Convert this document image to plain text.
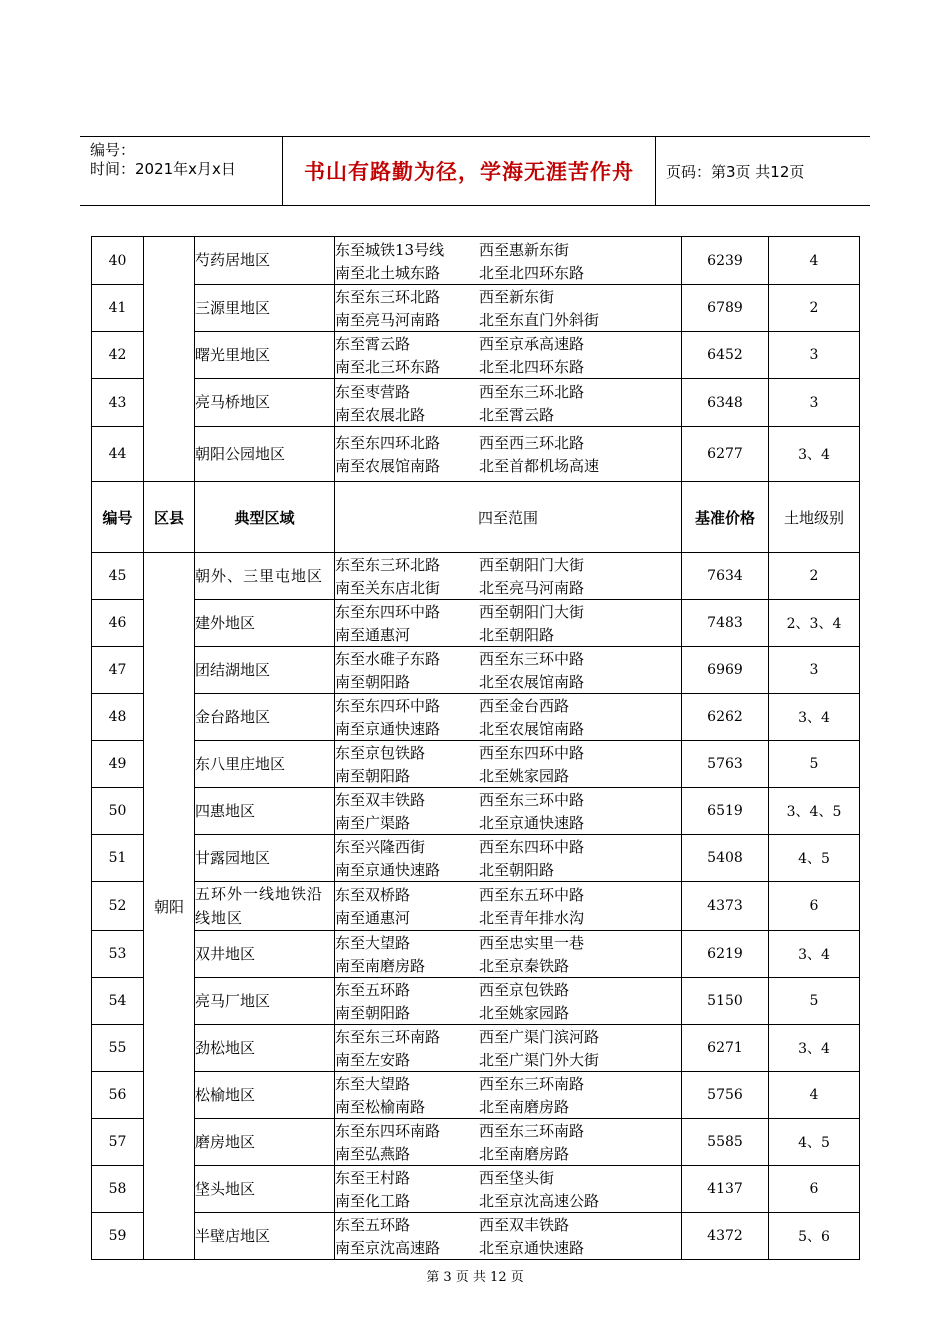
编号：
时间：2021年x月x日	书山有路勤为径，学海无涯苦作舟	页码：第3页 共12页
40		芍药居地区	东至城铁13号线 西至惠新东街
南至北土城东路 北至北四环东路	6239	4
41		三源里地区	东至东三环北路 西至新东街
南至亮马河南路 北至东直门外斜街	6789	2
42		曙光里地区	东至霄云路 西至京承高速路
南至北三环东路 北至北四环东路	6452	3
43		亮马桥地区	东至枣营路 西至东三环北路
南至农展北路 北至霄云路	6348	3
44		朝阳公园地区	东至东四环北路 西至西三环北路
南至农展馆南路 北至首都机场高速	6277	3、4
编号	区县	典型区域	四至范围	基准价格	土地级别
45	朝阳	朝外、三里屯地区	东至东三环北路 西至朝阳门大街
南至关东店北街 北至亮马河南路	7634	2
46		建外地区	东至东四环中路 西至朝阳门大街
南至通惠河 北至朝阳路	7483	2、3、4
47		团结湖地区	东至水碓子东路 西至东三环中路
南至朝阳路 北至农展馆南路	6969	3
48		金台路地区	东至东四环中路 西至金台西路
南至京通快速路 北至农展馆南路	6262	3、4
49		东八里庄地区	东至京包铁路 西至东四环中路
南至朝阳路 北至姚家园路	5763	5
50		四惠地区	东至双丰铁路 西至东三环中路
南至广渠路 北至京通快速路	6519	3、4、5
51		甘露园地区	东至兴隆西街 西至东四环中路
南至京通快速路 北至朝阳路	5408	4、5
52		五环外一线地铁沿线地区	东至双桥路 西至东五环中路
南至通惠河 北至青年排水沟	4373	6
53		双井地区	东至大望路 西至忠实里一巷
南至南磨房路 北至京秦铁路	6219	3、4
54		亮马厂地区	东至五环路 西至京包铁路
南至朝阳路 北至姚家园路	5150	5
55		劲松地区	东至东三环南路 西至广渠门滨河路
南至左安路 北至广渠门外大街	6271	3、4
56		松榆地区	东至大望路 西至东三环南路
南至松榆南路 北至南磨房路	5756	4
57		磨房地区	东至东四环南路 西至东三环南路
南至弘燕路 北至南磨房路	5585	4、5
58		垡头地区	东至王村路 西至垡头街
南至化工路 北至京沈高速公路	4137	6
59		半壁店地区	东至五环路 西至双丰铁路
南至京沈高速路 北至京通快速路	4372	5、6
第 3 页 共 12 页
